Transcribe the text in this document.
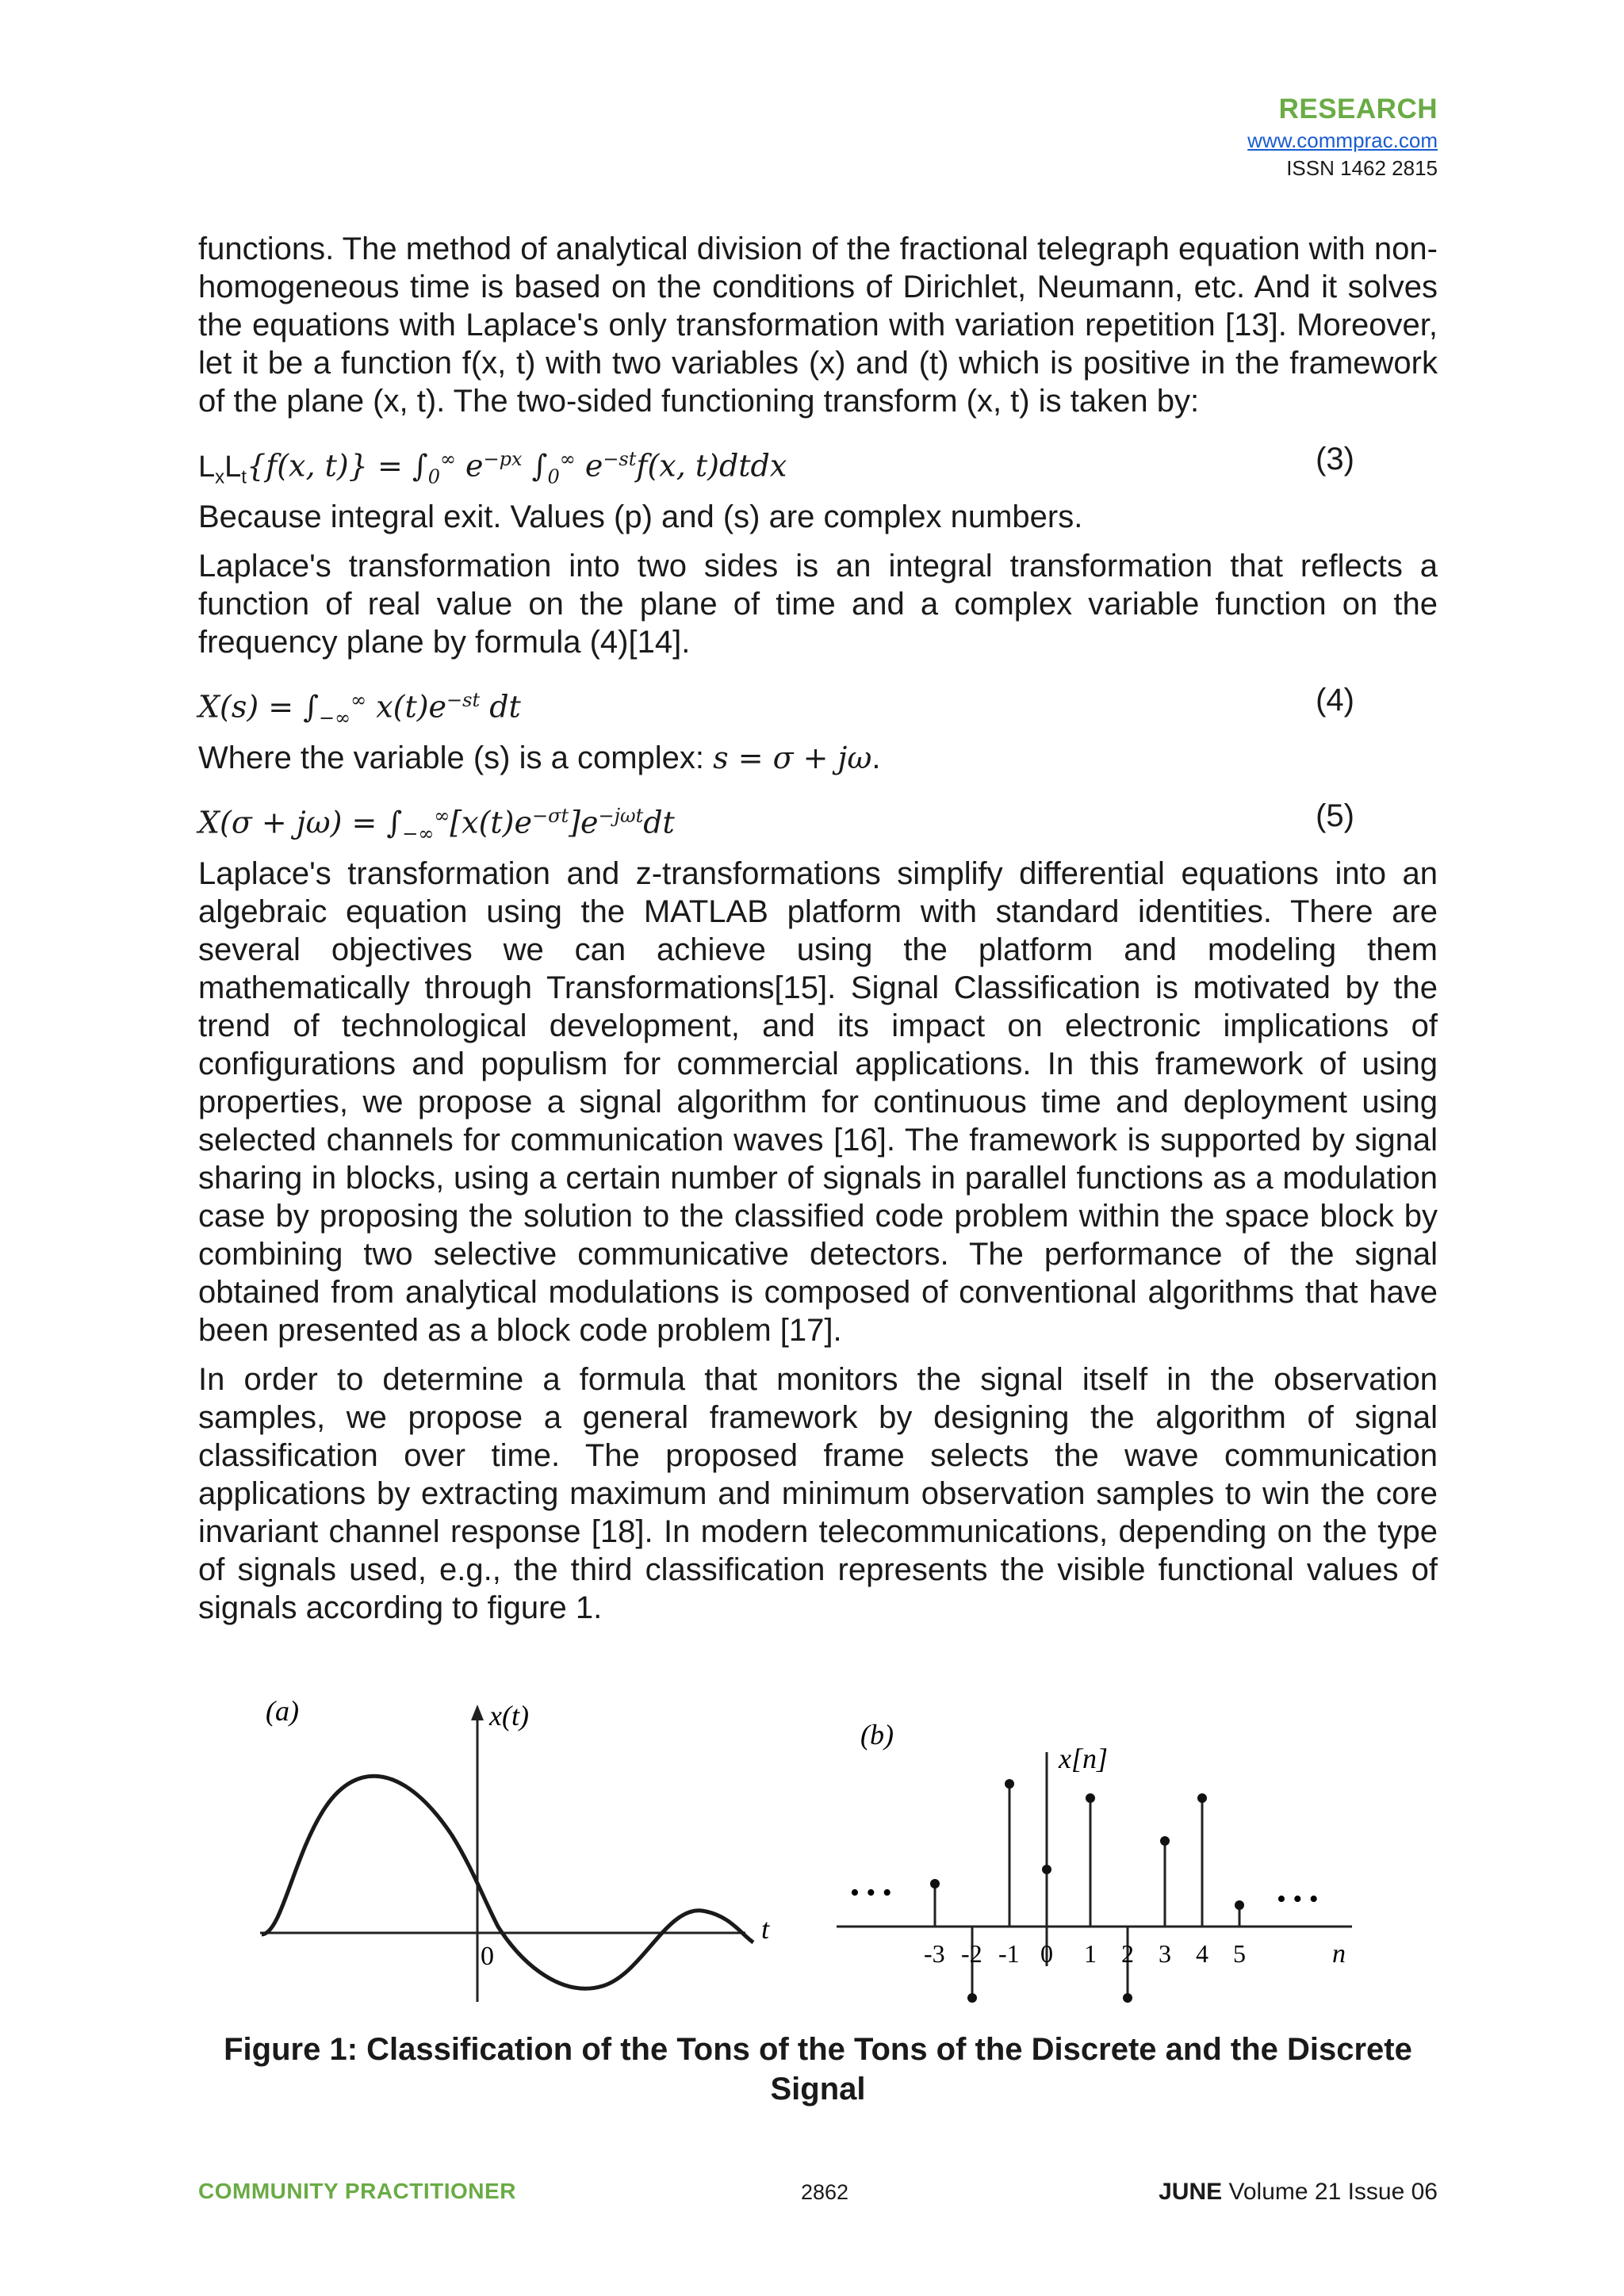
RESEARCH
www.commprac.com
ISSN 1462 2815

functions. The method of analytical division of the fractional telegraph equation with non-homogeneous time is based on the conditions of Dirichlet, Neumann, etc. And it solves the equations with Laplace's only transformation with variation repetition [13]. Moreover, let it be a function f(x, t) with two variables (x) and (t) which is positive in the framework of the plane (x, t). The two-sided functioning transform (x, t) is taken by:

$L_xL_t\{f(x$, $t)\} = \int_0^\infty$ $e^{-px}$ $\int_0^\infty$ $e^{-st}f(x$, t)dtdx	(3)

Because integral exit. Values (p) and (s) are complex numbers.

Laplace's transformation into two sides is an integral transformation that reflects a function of real value on the plane of time and a complex variable function on the frequency plane by formula (4)[14].

$X(s) = \int_{-\infty}^\infty$ $x(t)e^{-st}$ dt	(4)

Where the variable (s) is a complex: s = σ + jω.

$X(\sigma + j\omega) = \int_{-\infty}^\infty[x(t)e^{-\sigma t}]e^{-j\omega t}dt$	(5)

Laplace's transformation and z-transformations simplify differential equations into an algebraic equation using the MATLAB platform with standard identities. There are several objectives we can achieve using the platform and modeling them mathematically through Transformations[15]. Signal Classification is motivated by the trend of technological development, and its impact on electronic implications of configurations and populism for commercial applications. In this framework of using properties, we propose a signal algorithm for continuous time and deployment using selected channels for communication waves [16]. The framework is supported by signal sharing in blocks, using a certain number of signals in parallel functions as a modulation case by proposing the solution to the classified code problem within the space block by combining two selective communicative detectors. The performance of the signal obtained from analytical modulations is composed of conventional algorithms that have been presented as a block code problem [17].

In order to determine a formula that monitors the signal itself in the observation samples, we propose a general framework by designing the algorithm of signal classification over time. The proposed frame selects the wave communication applications by extracting maximum and minimum observation samples to win the core invariant channel response [18]. In modern telecommunications, depending on the type of signals used, e.g., the third classification represents the visible functional values of signals according to figure 1.

(a)	x(t)
t
0
(b)
x[n]
n
• • •	• • •
-3 -2 -1 0 1 2 3 4 5
Figure 1: Classification of the Tons of the Tons of the Discrete and the Discrete Signal
COMMUNITY PRACTITIONER	2862	JUNE Volume 21 Issue 06
